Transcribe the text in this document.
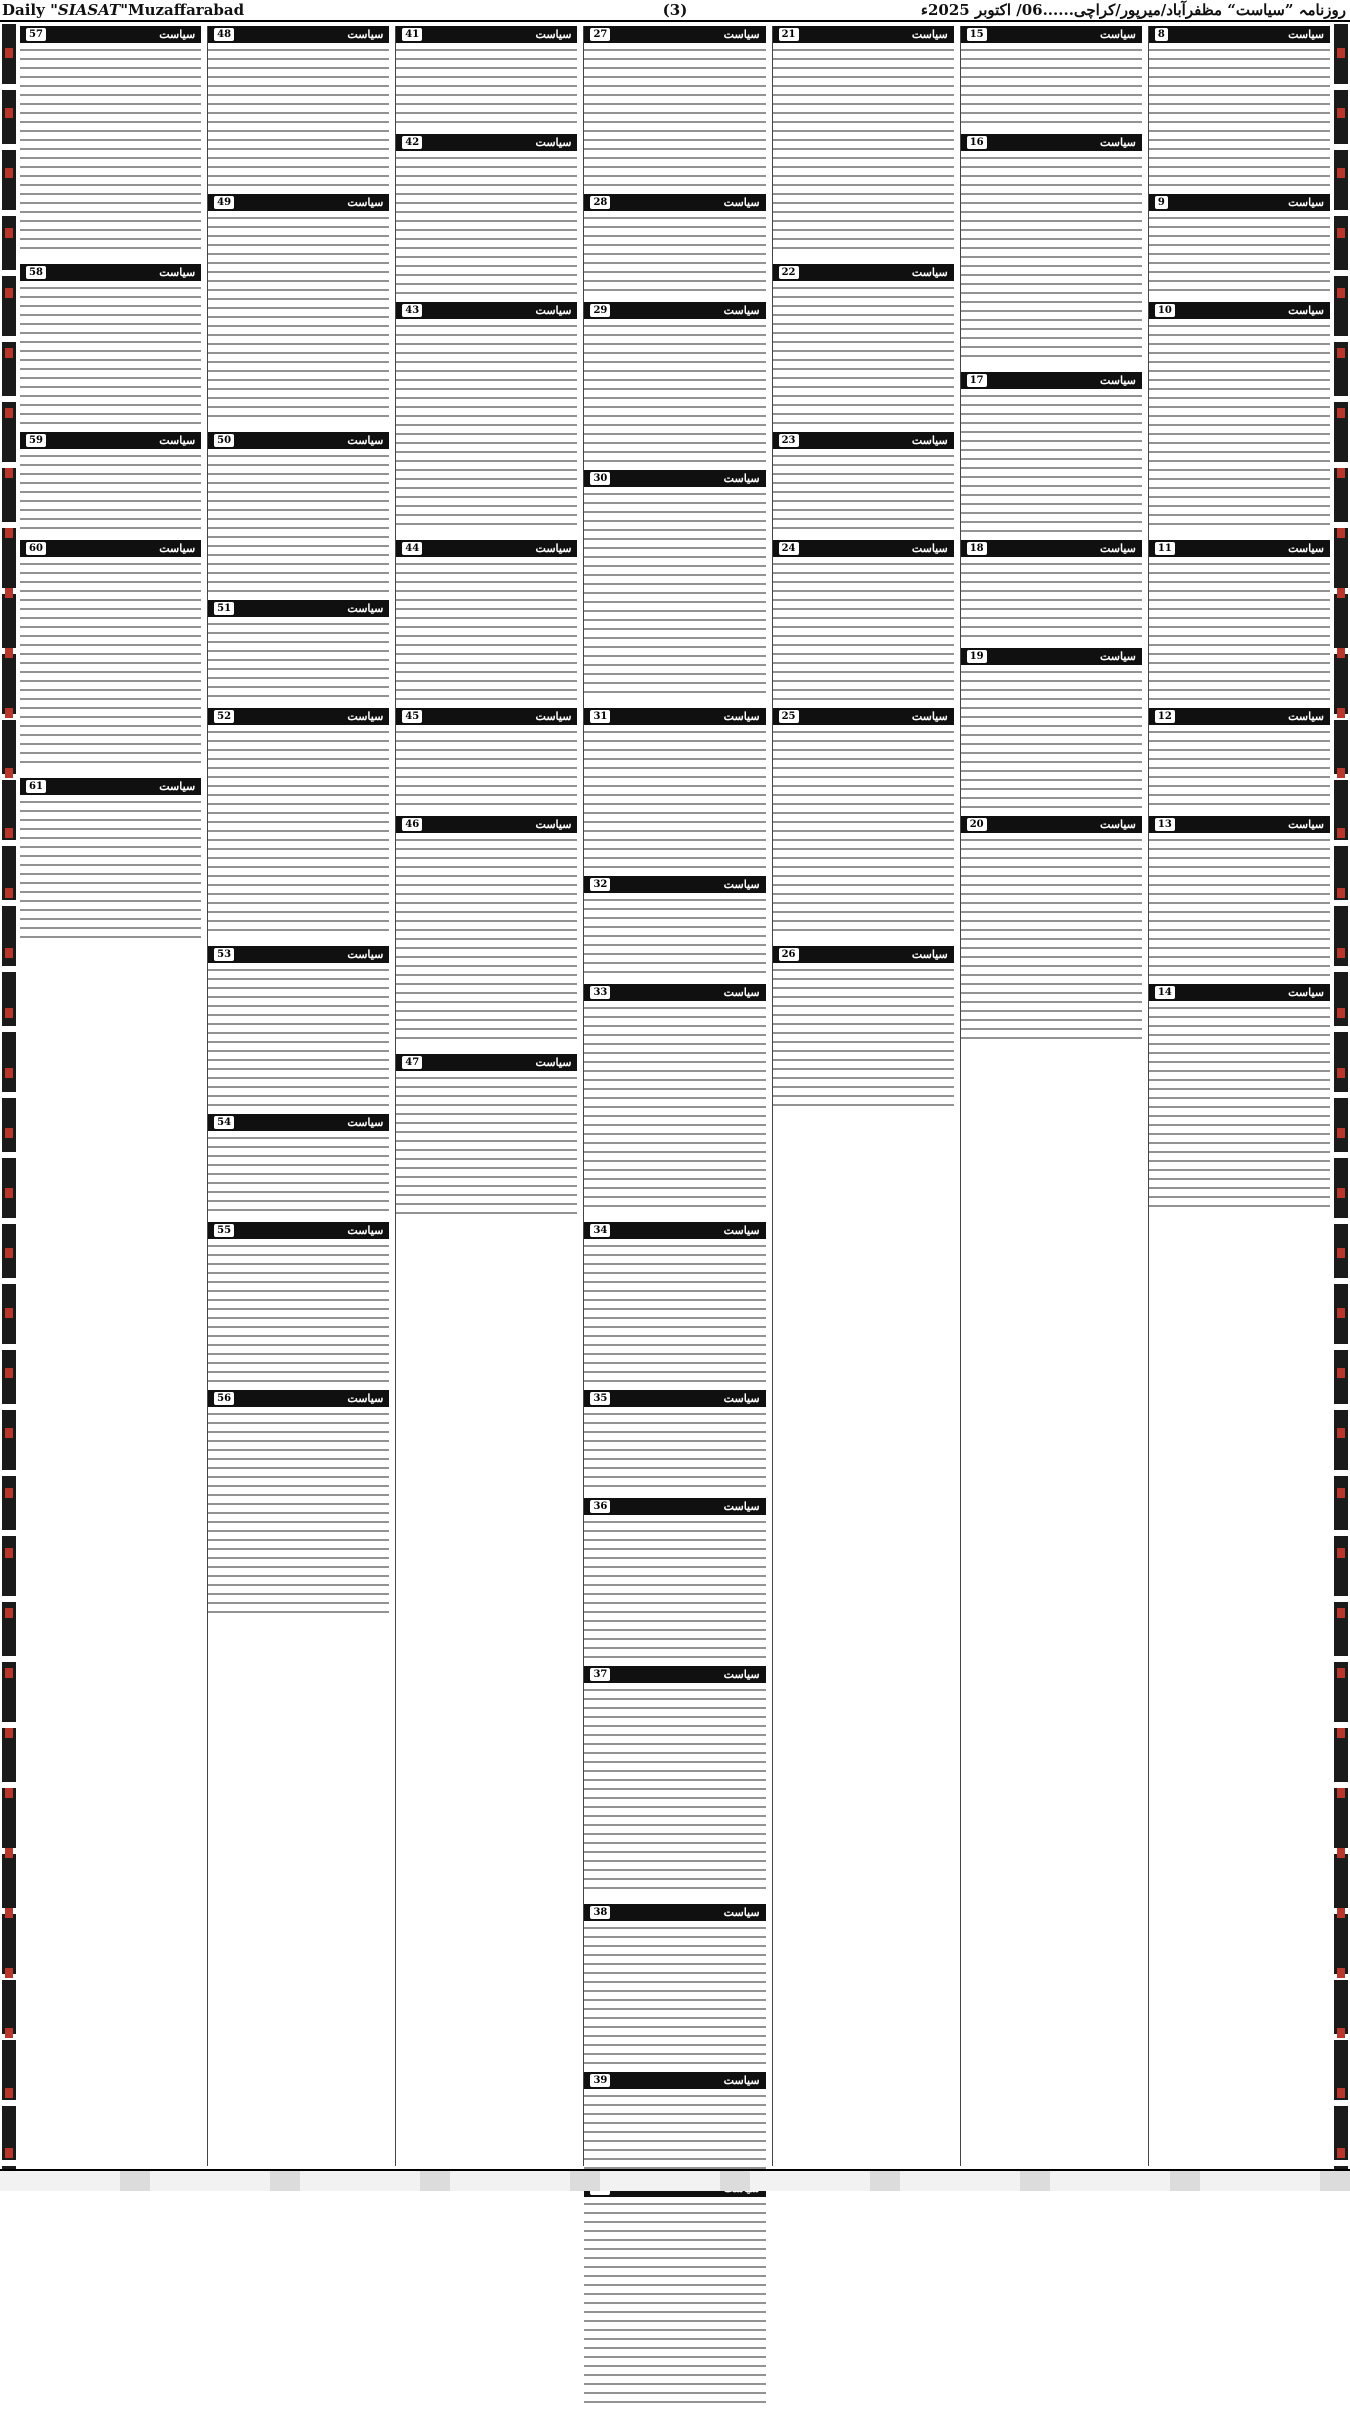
Daily "SIASAT"Muzaffarabad	(3)	روزنامہ ”سیاست“ مظفرآباد/میرپور/کراچی......06/ اکتوبر 2025ء
8	سیاست
9	سیاست
10	سیاست
11	سیاست
12	سیاست
13	سیاست
14	سیاست
15	سیاست
16	سیاست
17	سیاست
18	سیاست
19	سیاست
20	سیاست
21	سیاست
22	سیاست
23	سیاست
24	سیاست
25	سیاست
26	سیاست
27	سیاست
28	سیاست
29	سیاست
30	سیاست
31	سیاست
32	سیاست
33	سیاست
34	سیاست
35	سیاست
36	سیاست
37	سیاست
38	سیاست
39	سیاست
41	سیاست
42	سیاست
43	سیاست
44	سیاست
45	سیاست
46	سیاست
47	سیاست
48	سیاست
49	سیاست
50	سیاست
51	سیاست
52	سیاست
53	سیاست
54	سیاست
55	سیاست
56	سیاست
57	سیاست
58	سیاست
59	سیاست
60	سیاست
61	سیاست
